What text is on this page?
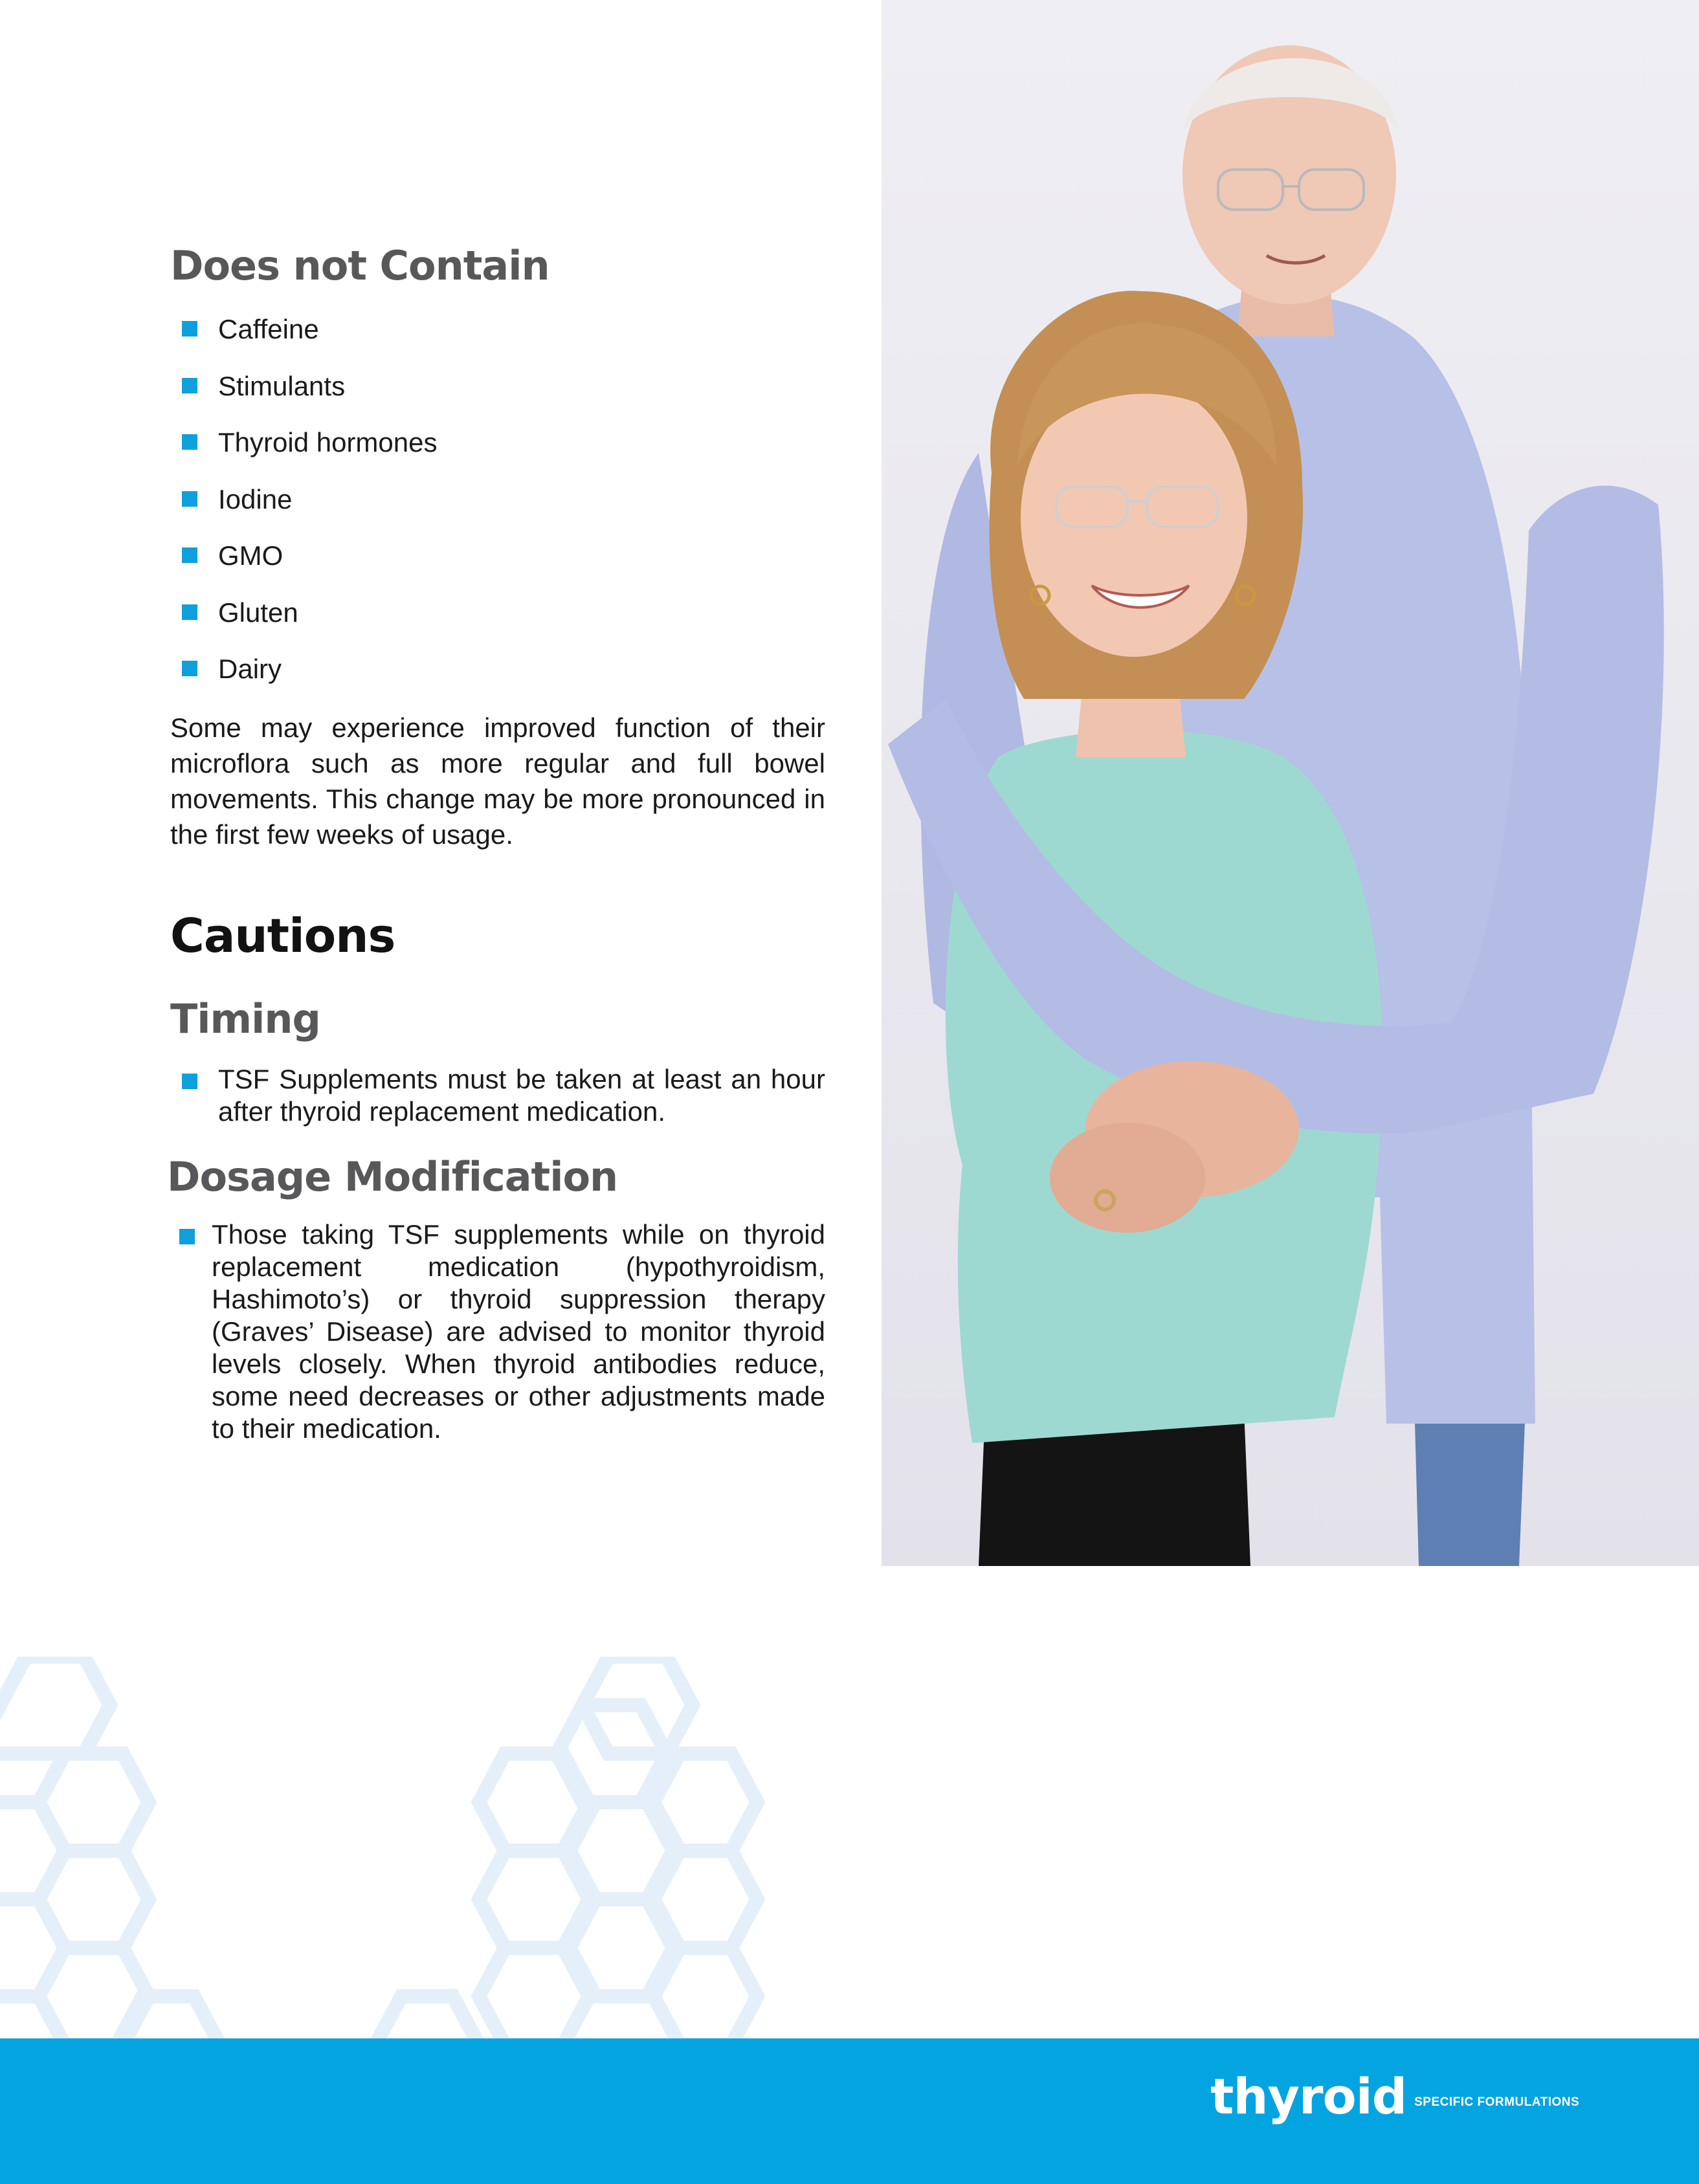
Does not Contain
Caffeine
Stimulants
Thyroid hormones
Iodine
GMO
Gluten
Dairy

Some may experience improved function of their microflora such as more regular and full bowel movements. This change may be more pronounced in the first few weeks of usage.

Cautions
Timing

TSF Supplements must be taken at least an hour after thyroid replacement medication.

Dosage Modification

Those taking TSF supplements while on thyroid replacement medication (hypothyroidism, Hashimoto’s) or thyroid suppression therapy (Graves’ Disease) are advised to monitor thyroid levels closely. When thyroid antibodies reduce, some need decreases or other adjustments made to their medication.

thyroid SPECIFIC FORMULATIONS
